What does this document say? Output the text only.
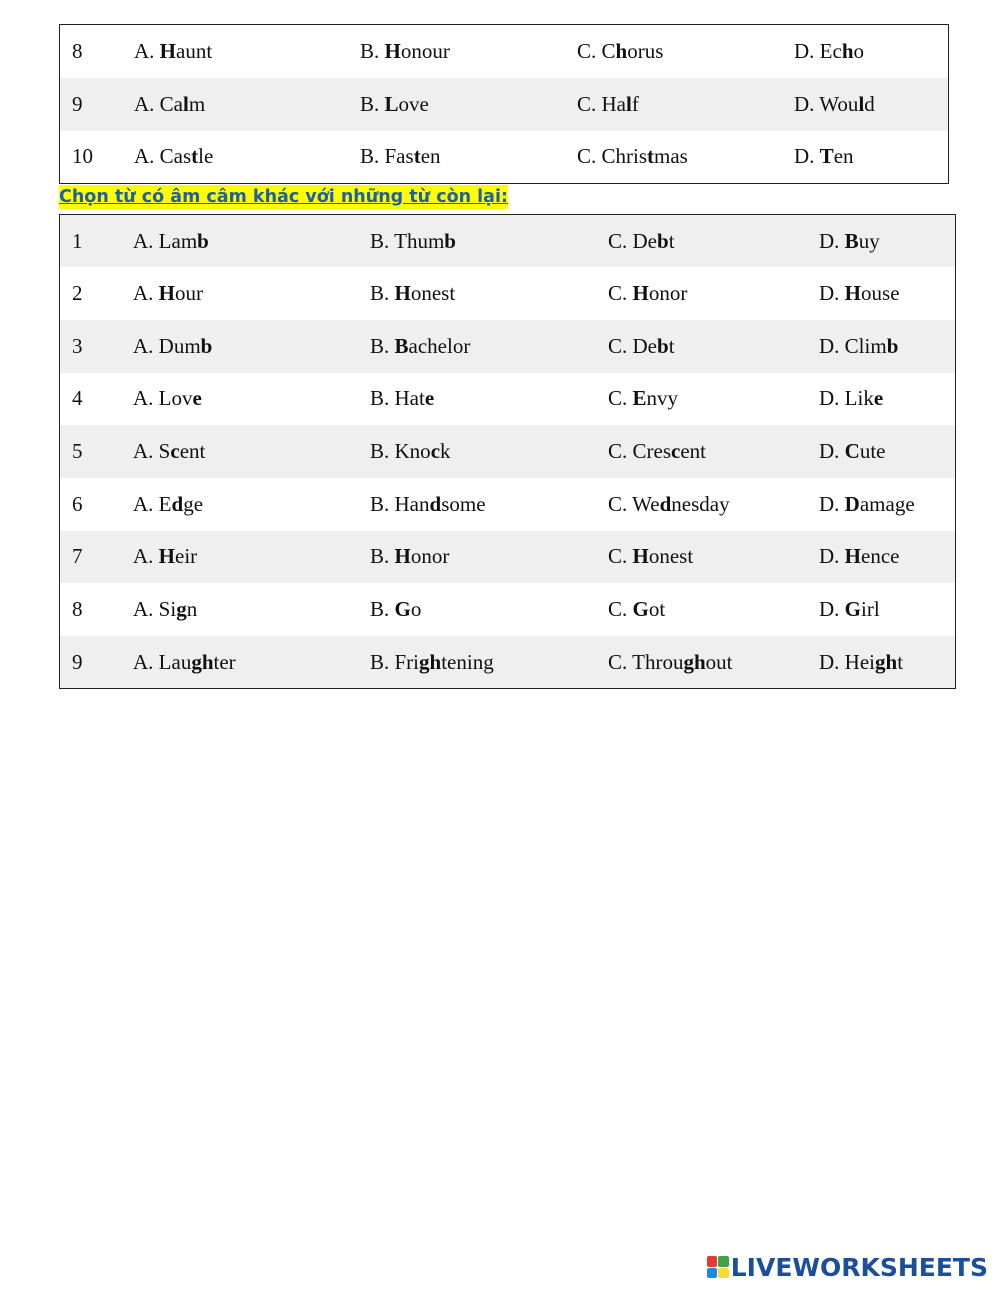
8	A. Haunt	B. Honour	C. Chorus	D. Echo
9	A. Calm	B. Love	C. Half	D. Would
10	A. Castle	B. Fasten	C. Christmas	D. Ten
Chọn từ có âm câm khác với những từ còn lại:
1	A. Lamb	B. Thumb	C. Debt	D. Buy
2	A. Hour	B. Honest	C. Honor	D. House
3	A. Dumb	B. Bachelor	C. Debt	D. Climb
4	A. Love	B. Hate	C. Envy	D. Like
5	A. Scent	B. Knock	C. Crescent	D. Cute
6	A. Edge	B. Handsome	C. Wednesday	D. Damage
7	A. Heir	B. Honor	C. Honest	D. Hence
8	A. Sign	B. Go	C. Got	D. Girl
9	A. Laughter	B. Frightening	C. Throughout	D. Height
LIVEWORKSHEETS
